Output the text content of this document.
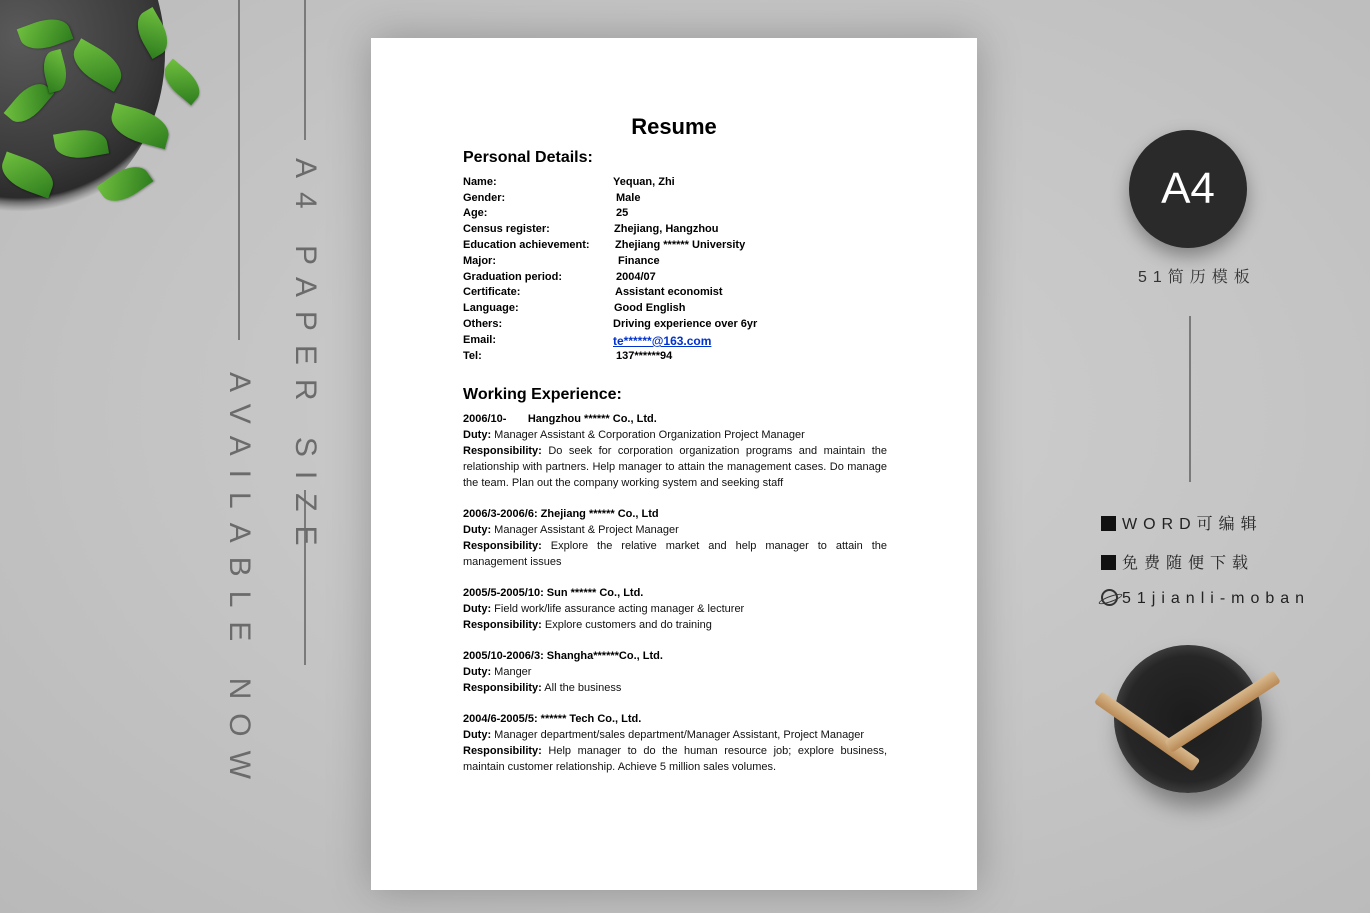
A4 PAPER SIZE
AVAILABLE NOW
Resume
Personal Details:
Name:	Yequan, Zhi
Gender:	Male
Age:	25
Census register:	Zhejiang, Hangzhou
Education achievement: Zhejiang ****** University
Major:	Finance
Graduation period:	2004/07
Certificate:	Assistant economist
Language:	Good English
Others:	Driving experience over 6yr
Email:	te******@163.com
Tel:	137******94
Working Experience:

2006/10-       Hangzhou ****** Co., Ltd.

Duty: Manager Assistant & Corporation Organization Project Manager

Responsibility: Do seek for corporation organization programs and maintain the relationship with partners. Help manager to attain the management cases. Do manage the team. Plan out the company working system and seeking staff

2006/3-2006/6: Zhejiang ****** Co., Ltd

Duty: Manager Assistant & Project Manager

Responsibility: Explore the relative market and help manager to attain the management issues

2005/5-2005/10: Sun ****** Co., Ltd.

Duty: Field work/life assurance acting manager & lecturer

Responsibility: Explore customers and do training

2005/10-2006/3: Shangha******Co., Ltd.

Duty: Manger

Responsibility: All the business

2004/6-2005/5: ****** Tech Co., Ltd.

Duty: Manager department/sales department/Manager Assistant, Project Manager

Responsibility: Help manager to do the human resource job; explore business, maintain customer relationship. Achieve 5 million sales volumes.

A4
51简历模板
WORD可编辑
免费随便下载
51jianli-moban
